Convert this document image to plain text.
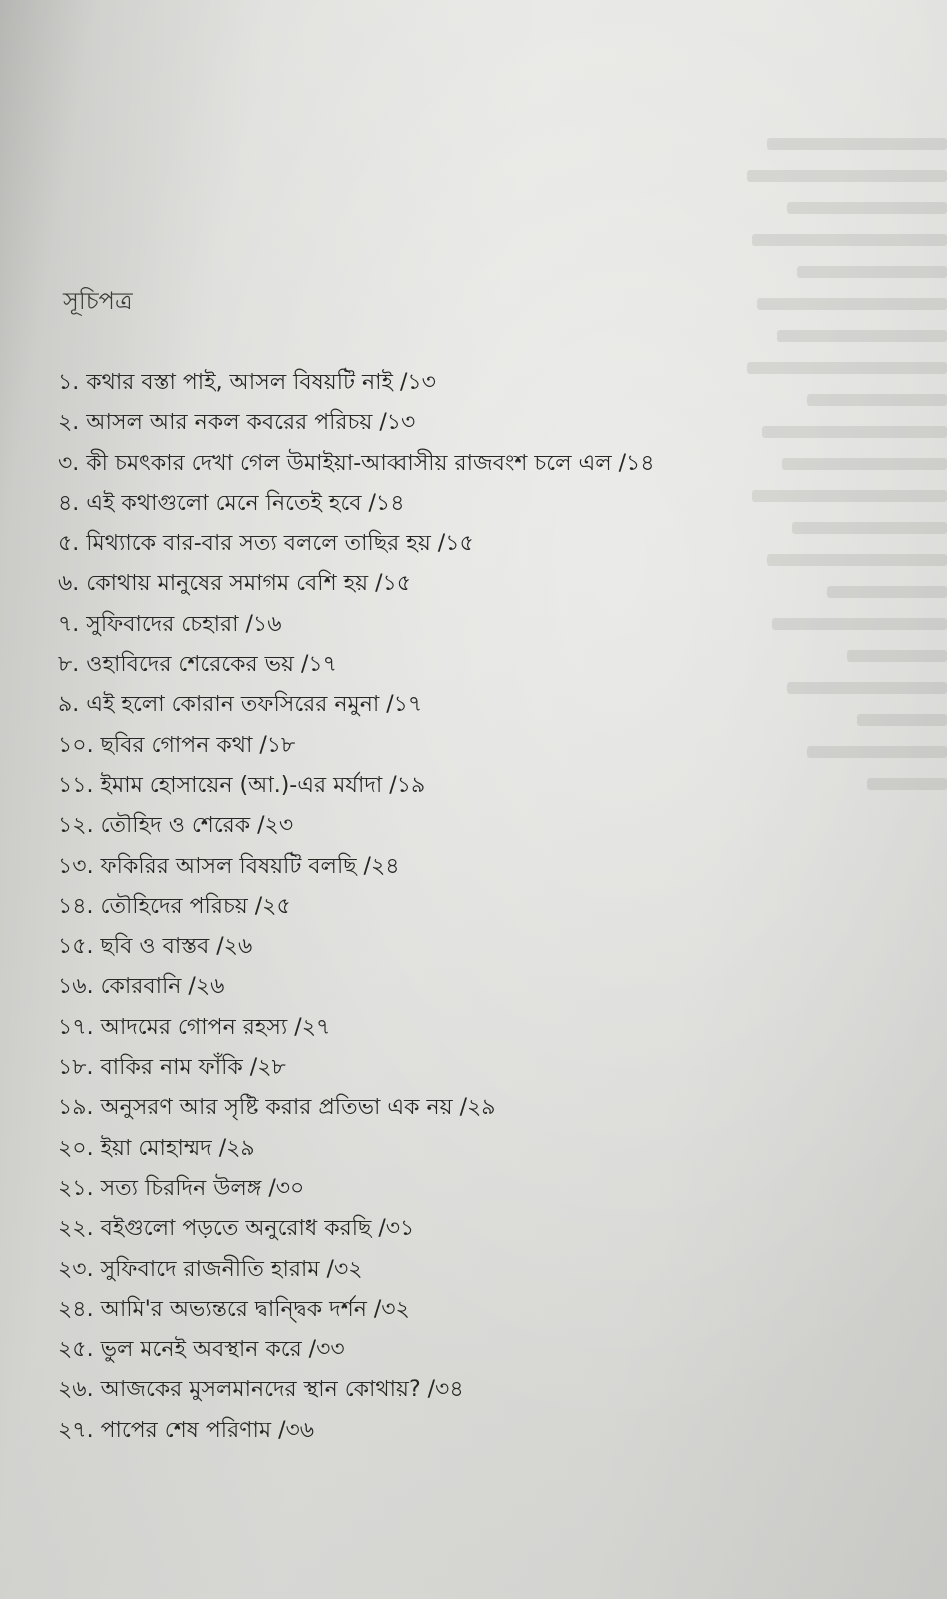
সূচিপত্র
১. কথার বস্তা পাই, আসল বিষয়টি নাই /১৩
২. আসল আর নকল কবরের পরিচয় /১৩
৩. কী চমৎকার দেখা গেল উমাইয়া-আব্বাসীয় রাজবংশ চলে এল /১৪
৪. এই কথাগুলো মেনে নিতেই হবে /১৪
৫. মিথ্যাকে বার-বার সত্য বললে তাছির হয় /১৫
৬. কোথায় মানুষের সমাগম বেশি হয় /১৫
৭. সুফিবাদের চেহারা /১৬
৮. ওহাবিদের শেরেকের ভয় /১৭
৯. এই হলো কোরান তফসিরের নমুনা /১৭
১০. ছবির গোপন কথা /১৮
১১. ইমাম হোসায়েন (আ.)-এর মর্যাদা /১৯
১২. তৌহিদ ও শেরেক /২৩
১৩. ফকিরির আসল বিষয়টি বলছি /২৪
১৪. তৌহিদের পরিচয় /২৫
১৫. ছবি ও বাস্তব /২৬
১৬. কোরবানি /২৬
১৭. আদমের গোপন রহস্য /২৭
১৮. বাকির নাম ফাঁকি /২৮
১৯. অনুসরণ আর সৃষ্টি করার প্রতিভা এক নয় /২৯
২০. ইয়া মোহাম্মদ /২৯
২১. সত্য চিরদিন উলঙ্গ /৩০
২২. বইগুলো পড়তে অনুরোধ করছি /৩১
২৩. সুফিবাদে রাজনীতি হারাম /৩২
২৪. আমি'র অভ্যন্তরে দ্বান্দ্বিক দর্শন /৩২
২৫. ভুল মনেই অবস্থান করে /৩৩
২৬. আজকের মুসলমানদের স্থান কোথায়? /৩৪
২৭. পাপের শেষ পরিণাম /৩৬
